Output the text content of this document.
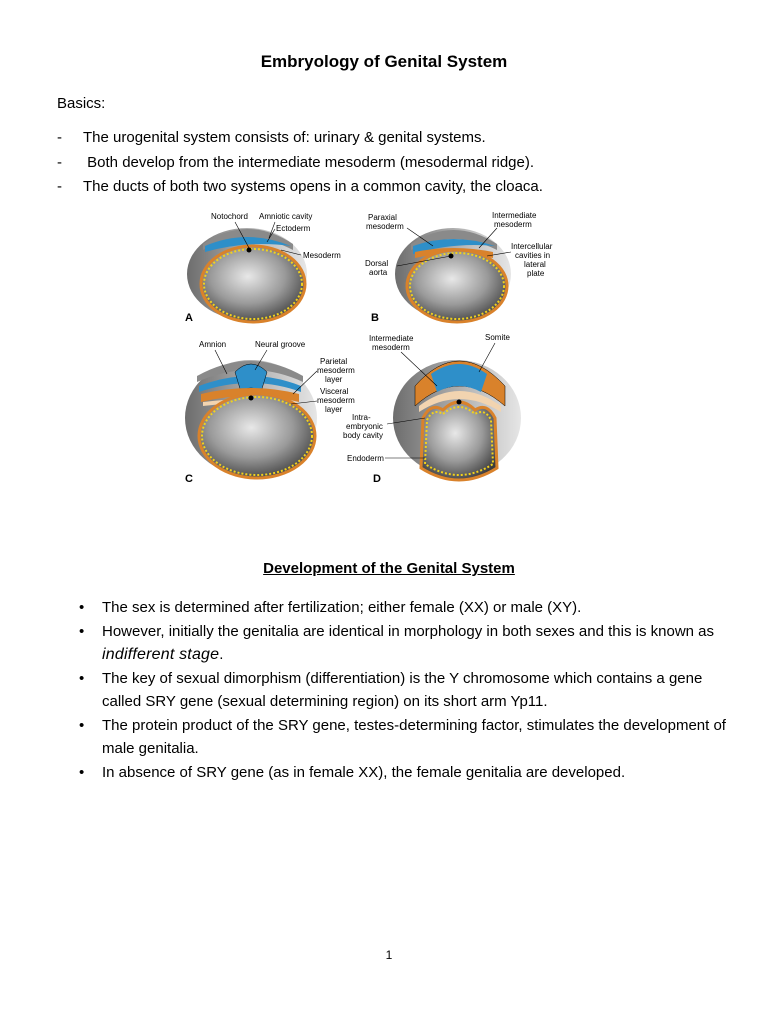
Embryology of Genital System
Basics:
- The urogenital system consists of: urinary & genital systems.
- Both develop from the intermediate mesoderm (mesodermal ridge).
- The ducts of both two systems opens in a common cavity, the cloaca.
A	B
C	D
Notochord Amniotic cavity
Ectoderm
Mesoderm
Paraxial
mesoderm
Dorsal
aorta
Intermediate
mesoderm
Intercellular
cavities in
lateral
plate
Amnion	Neural groove
Parietal
mesoderm
layer
Visceral
mesoderm
layer
Intermediate
mesoderm
Somite
Intra-
embryonic
body cavity
Endoderm
Development of the Genital System
• The sex is determined after fertilization; either female (XX) or male (XY).
• However, initially the genitalia are identical in morphology in both sexes and this is known as indifferent stage.
• The key of sexual dimorphism (differentiation) is the Y chromosome which contains a gene called SRY gene (sexual determining region) on its short arm Yp11.
• The protein product of the SRY gene, testes-determining factor, stimulates the development of male genitalia.
• In absence of SRY gene (as in female XX), the female genitalia are developed.
1
